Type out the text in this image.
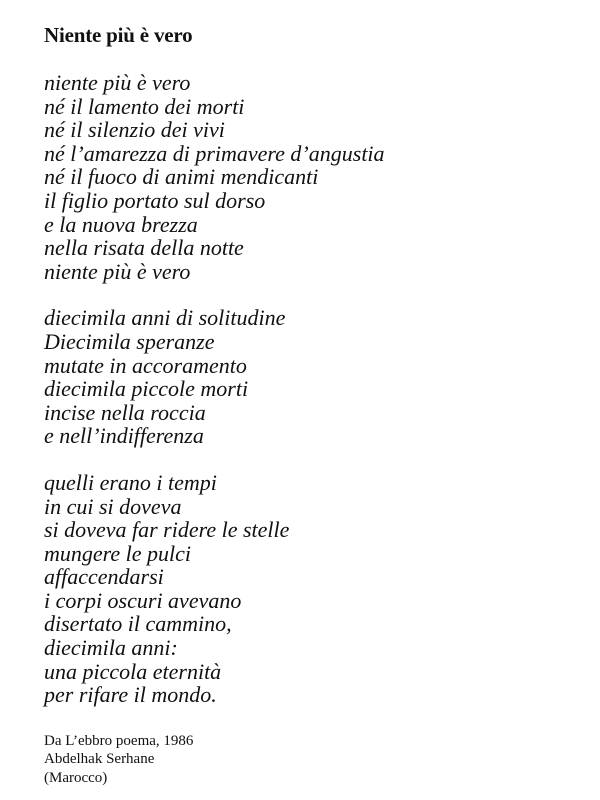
Niente più è vero
niente più è vero
né il lamento dei morti
né il silenzio dei vivi
né l’amarezza di primavere d’angustia
né il fuoco di animi mendicanti
il figlio portato sul dorso
e la nuova brezza
nella risata della notte
niente più è vero
diecimila anni di solitudine
Diecimila speranze
mutate in accoramento
diecimila piccole morti
incise nella roccia
e nell’indifferenza
quelli erano i tempi
in cui si doveva
si doveva far ridere le stelle
mungere le pulci
affaccendarsi
i corpi oscuri avevano
disertato il cammino,
diecimila anni:
una piccola eternità
per rifare il mondo.
Da L’ebbro poema, 1986
Abdelhak Serhane
(Marocco)
